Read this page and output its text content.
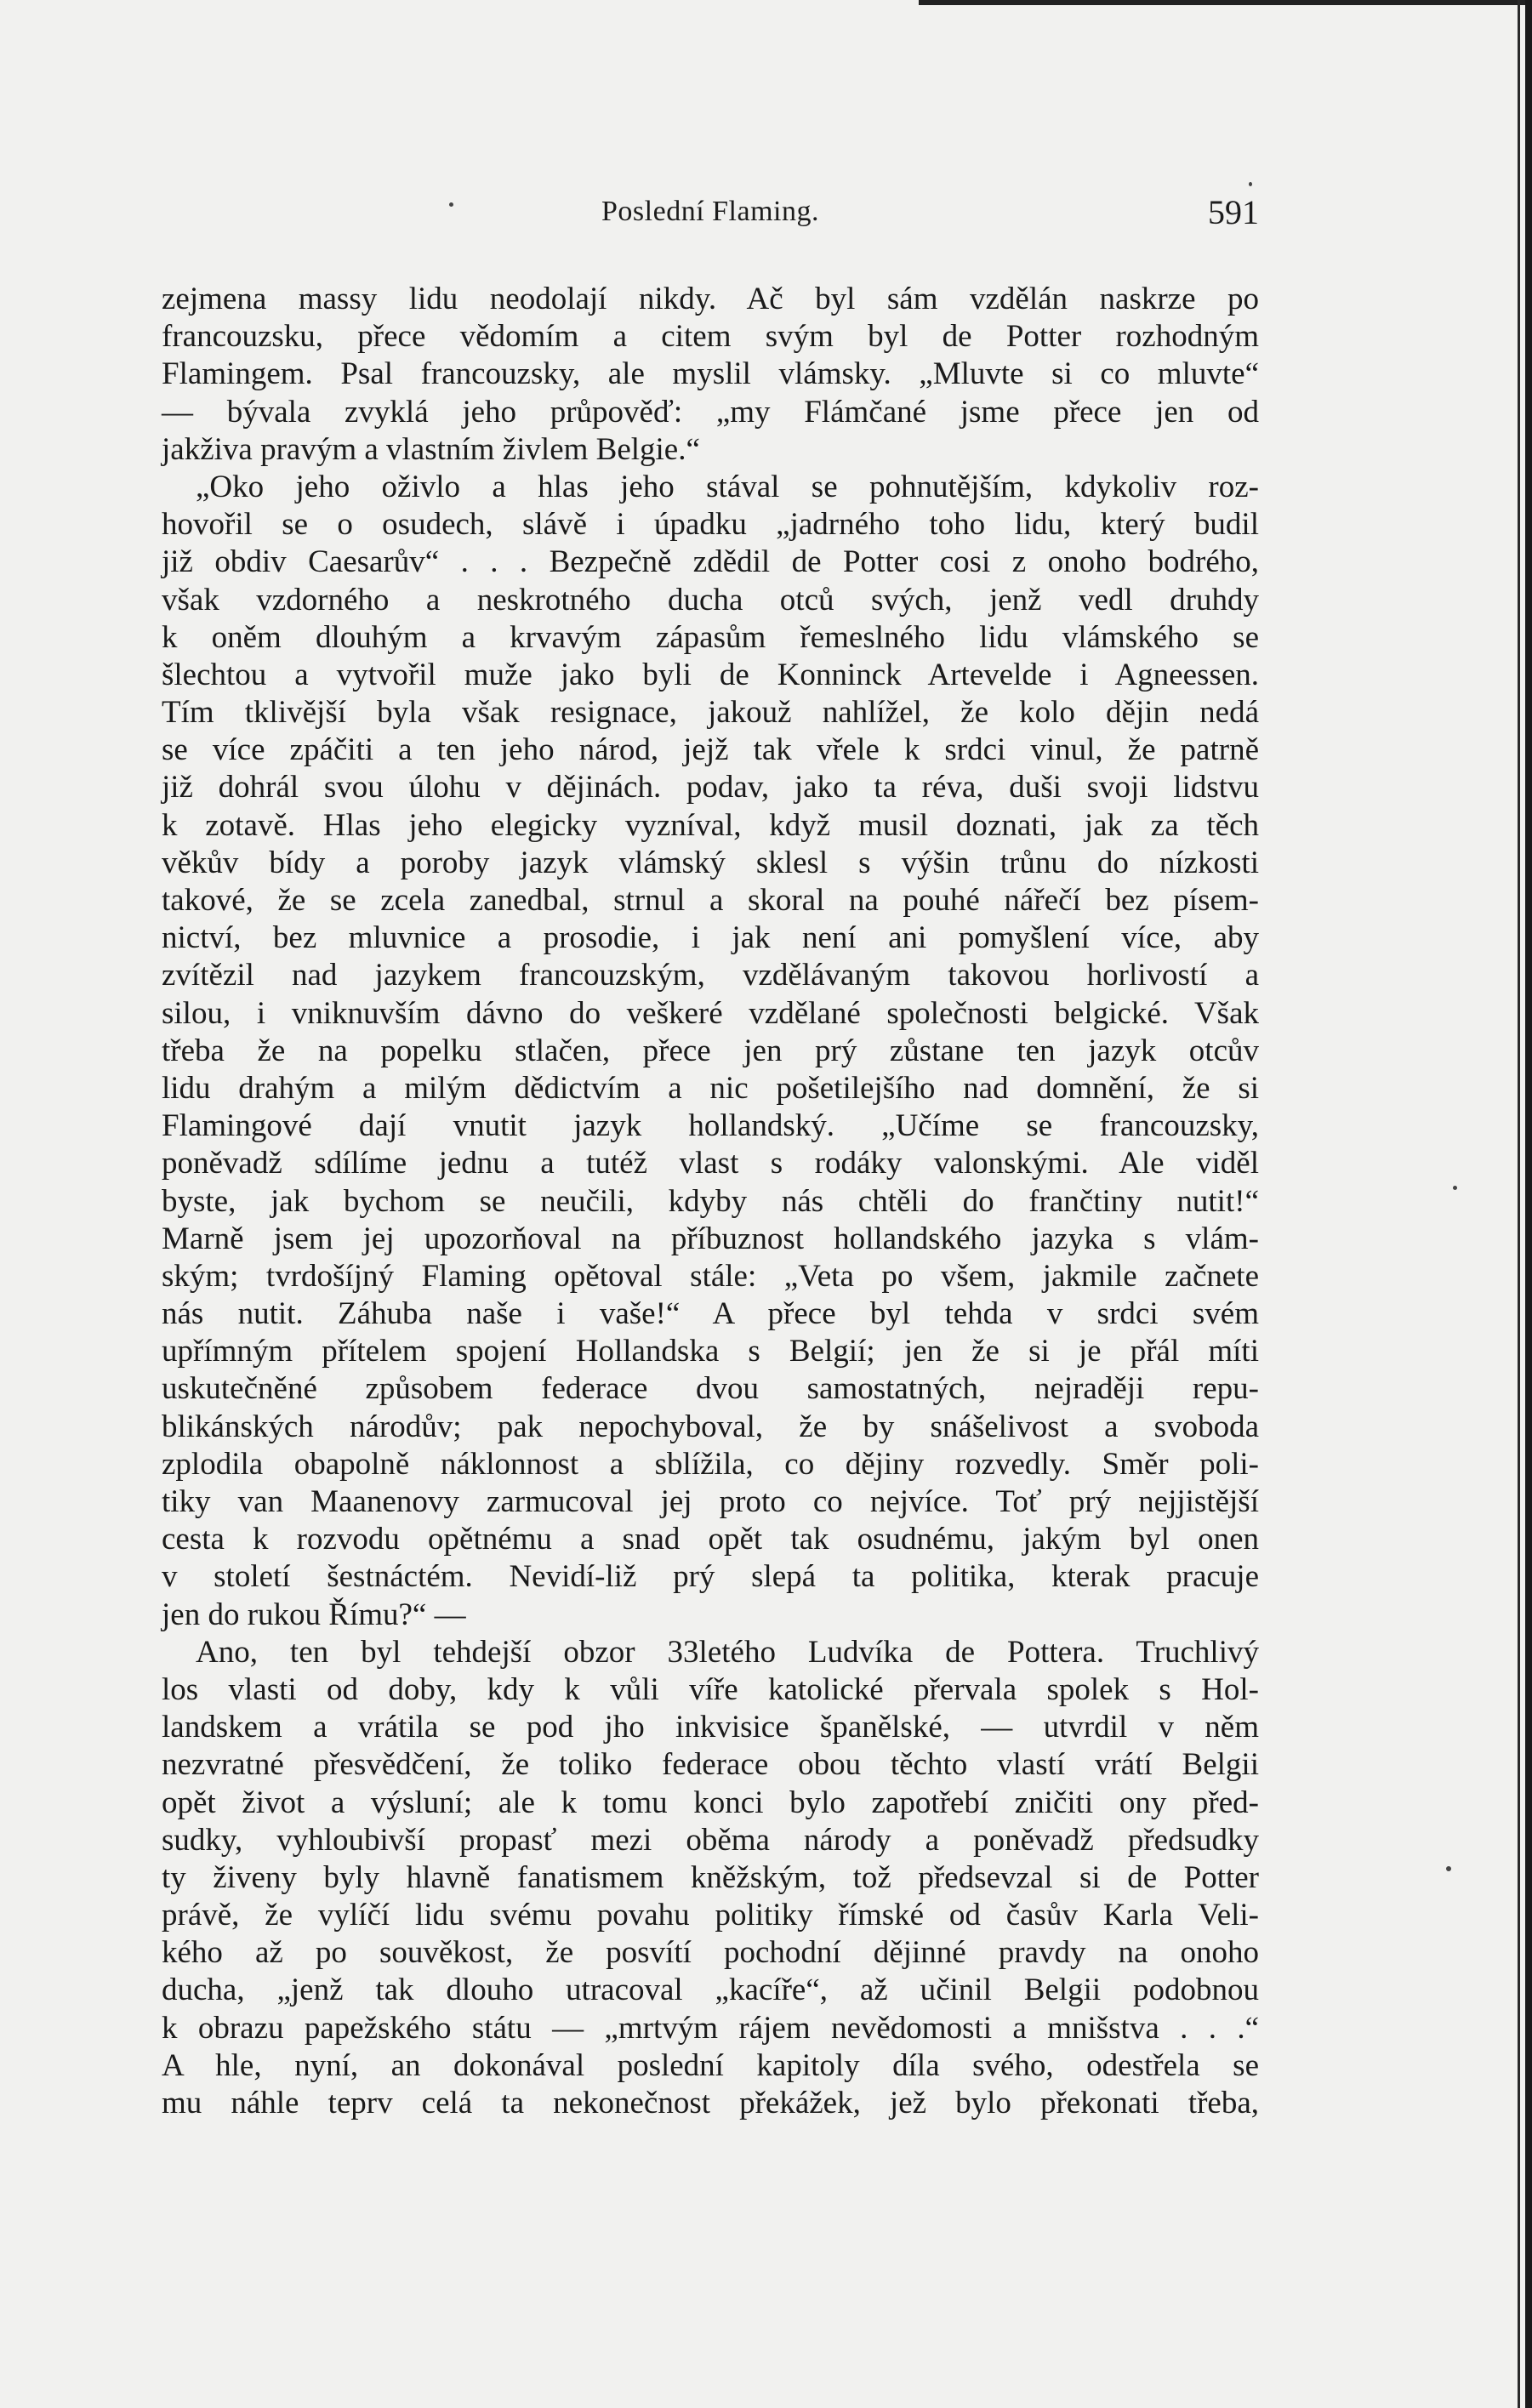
Poslední Flaming.	591
zejmena massy lidu neodolají nikdy. Ač byl sám vzdělán naskrze po
francouzsku, přece vědomím a citem svým byl de Potter rozhodným
Flamingem. Psal francouzsky, ale myslil vlámsky. „Mluvte si co mluvte“
— bývala zvyklá jeho průpověď: „my Flámčané jsme přece jen od
jakživa pravým a vlastním živlem Belgie.“
„Oko jeho oživlo a hlas jeho stával se pohnutějším, kdykoliv roz-
hovořil se o osudech, slávě i úpadku „jadrného toho lidu, který budil
již obdiv Caesarův“ . . . Bezpečně zdědil de Potter cosi z onoho bodrého,
však vzdorného a neskrotného ducha otců svých, jenž vedl druhdy
k oněm dlouhým a krvavým zápasům řemeslného lidu vlámského se
šlechtou a vytvořil muže jako byli de Konninck Artevelde i Agneessen.
Tím tklivější byla však resignace, jakouž nahlížel, že kolo dějin nedá
se více zpáčiti a ten jeho národ, jejž tak vřele k srdci vinul, že patrně
již dohrál svou úlohu v dějinách. podav, jako ta réva, duši svoji lidstvu
k zotavě. Hlas jeho elegicky vyzníval, když musil doznati, jak za těch
věkův bídy a poroby jazyk vlámský sklesl s výšin trůnu do nízkosti
takové, že se zcela zanedbal, strnul a skoral na pouhé nářečí bez písem-
nictví, bez mluvnice a prosodie, i jak není ani pomyšlení více, aby
zvítězil nad jazykem francouzským, vzdělávaným takovou horlivostí a
silou, i vniknuvším dávno do veškeré vzdělané společnosti belgické. Však
třeba že na popelku stlačen, přece jen prý zůstane ten jazyk otcův
lidu drahým a milým dědictvím a nic pošetilejšího nad domnění, že si
Flamingové dají vnutit jazyk hollandský. „Učíme se francouzsky,
poněvadž sdílíme jednu a tutéž vlast s rodáky valonskými. Ale viděl
byste, jak bychom se neučili, kdyby nás chtěli do frančtiny nutit!“
Marně jsem jej upozorňoval na příbuznost hollandského jazyka s vlám-
ským; tvrdošíjný Flaming opětoval stále: „Veta po všem, jakmile začnete
nás nutit. Záhuba naše i vaše!“ A přece byl tehda v srdci svém
upřímným přítelem spojení Hollandska s Belgií; jen že si je přál míti
uskutečněné způsobem federace dvou samostatných, nejraději repu-
blikánských národův; pak nepochyboval, že by snášelivost a svoboda
zplodila obapolně náklonnost a sblížila, co dějiny rozvedly. Směr poli-
tiky van Maanenovy zarmucoval jej proto co nejvíce. Toť prý nejjistější
cesta k rozvodu opětnému a snad opět tak osudnému, jakým byl onen
v století šestnáctém. Nevidí-liž prý slepá ta politika, kterak pracuje
jen do rukou Římu?“ —
Ano, ten byl tehdejší obzor 33letého Ludvíka de Pottera. Truchlivý
los vlasti od doby, kdy k vůli víře katolické přervala spolek s Hol-
landskem a vrátila se pod jho inkvisice španělské, — utvrdil v něm
nezvratné přesvědčení, že toliko federace obou těchto vlastí vrátí Belgii
opět život a výsluní; ale k tomu konci bylo zapotřebí zničiti ony před-
sudky, vyhloubivší propasť mezi oběma národy a poněvadž předsudky
ty živeny byly hlavně fanatismem kněžským, tož předsevzal si de Potter
právě, že vylíčí lidu svému povahu politiky římské od časův Karla Veli-
kého až po souvěkost, že posvítí pochodní dějinné pravdy na onoho
ducha, „jenž tak dlouho utracoval „kacíře“, až učinil Belgii podobnou
k obrazu papežského státu — „mrtvým rájem nevědomosti a mnišstva . . .“
A hle, nyní, an dokonával poslední kapitoly díla svého, odestřela se
mu náhle teprv celá ta nekonečnost překážek, jež bylo překonati třeba,
